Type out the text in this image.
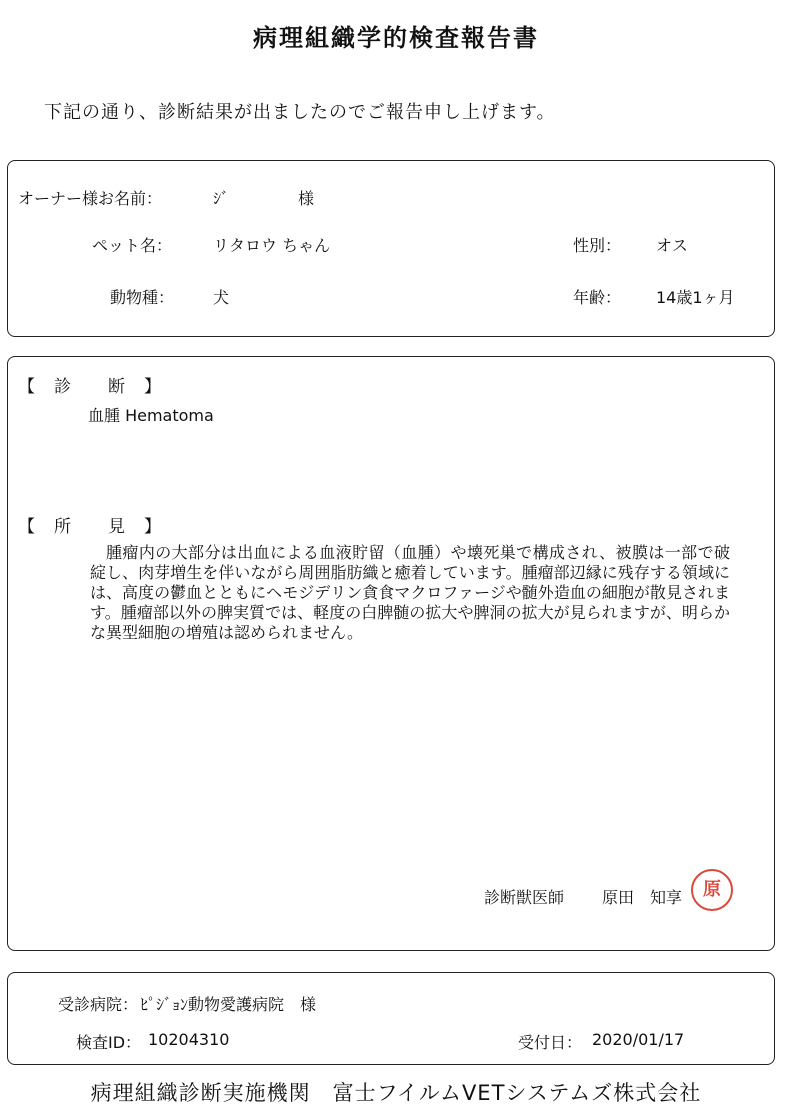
病理組織学的検査報告書
下記の通り、診断結果が出ましたのでご報告申し上げます。
オーナー様お名前：	ｼﾞ	様
ペット名：	リタロウ ちゃん	性別： オス
動物種： 犬	年齢： 14歳1ヶ月
【　診　　断　】
血腫 Hematoma
【　所　　見　】
腫瘤内の大部分は出血による血液貯留（血腫）や壊死巣で構成され、被膜は一部で破綻し、肉芽増生を伴いながら周囲脂肪織と癒着しています。腫瘤部辺縁に残存する領域には、高度の鬱血とともにヘモジデリン貪食マクロファージや髄外造血の細胞が散見されます。腫瘤部以外の脾実質では、軽度の白脾髄の拡大や脾洞の拡大が見られますが、明らかな異型細胞の増殖は認められません。
診断獣医師 原田　知享	原
受診病院： ﾋﾟｼﾞｮﾝ動物愛護病院　様
検査ID： 10204310	受付日： 2020/01/17
病理組織診断実施機関　富士フイルムVETシステムズ株式会社
